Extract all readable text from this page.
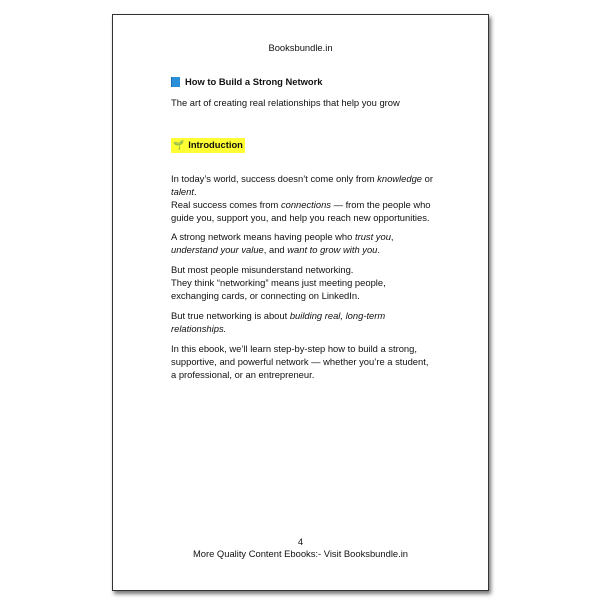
Booksbundle.in
How to Build a Strong Network
The art of creating real relationships that help you grow
🌱 Introduction
In today’s world, success doesn’t come only from knowledge or
talent.
Real success comes from connections — from the people who
guide you, support you, and help you reach new opportunities.
A strong network means having people who trust you,
understand your value, and want to grow with you.
But most people misunderstand networking.
They think “networking” means just meeting people,
exchanging cards, or connecting on LinkedIn.
But true networking is about building real, long-term
relationships.
In this ebook, we’ll learn step-by-step how to build a strong,
supportive, and powerful network — whether you’re a student,
a professional, or an entrepreneur.
4
More Quality Content Ebooks:- Visit Booksbundle.in
